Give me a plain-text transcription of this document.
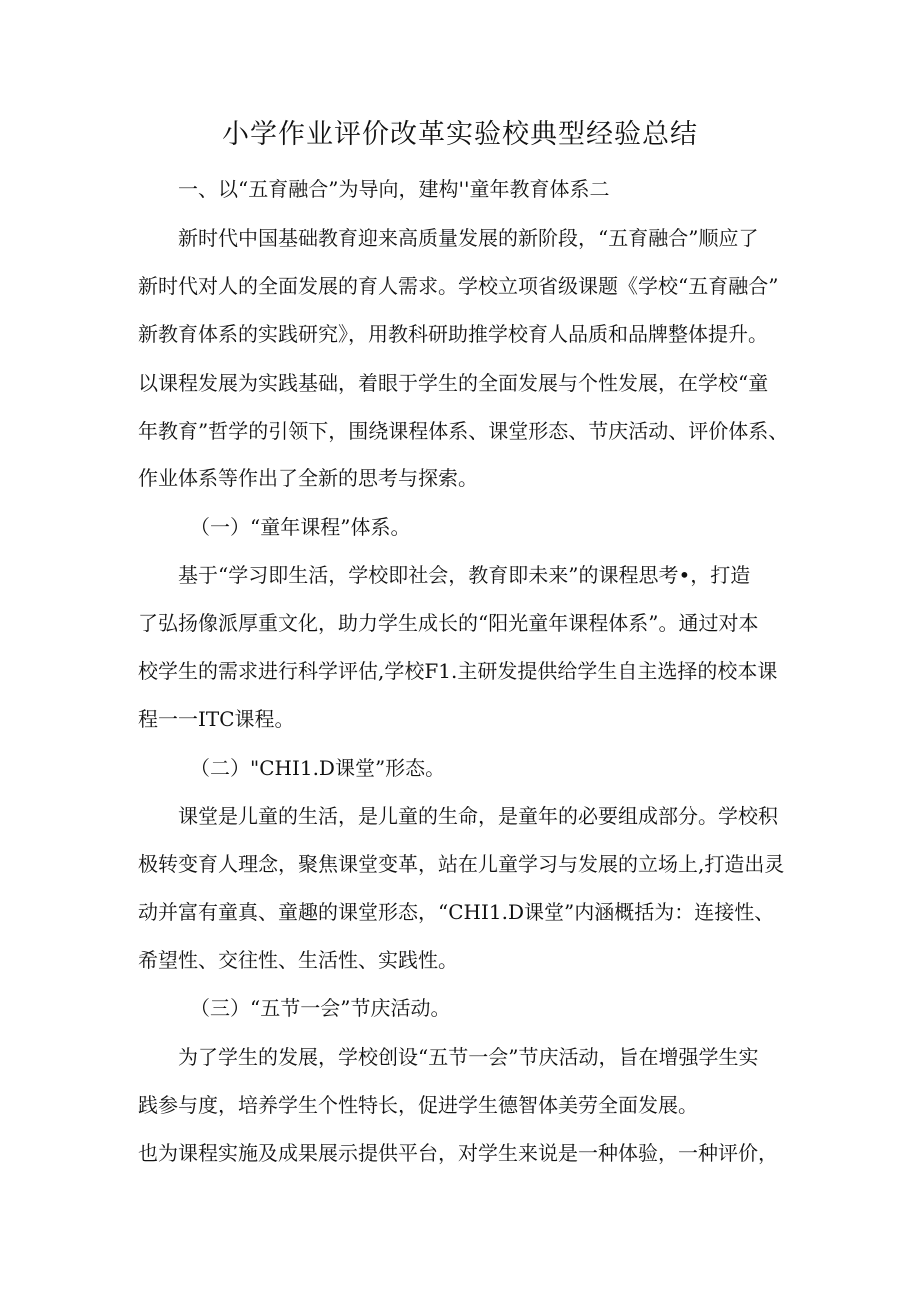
小学作业评价改革实验校典型经验总结
一、以“五育融合”为导向，建构''童年教育体系二
新时代中国基础教育迎来高质量发展的新阶段，“五育融合”顺应了
新时代对人的全面发展的育人需求。学校立项省级课题《学校“五育融合”
新教育体系的实践研究》，用教科研助推学校育人品质和品牌整体提升。
以课程发展为实践基础，着眼于学生的全面发展与个性发展，在学校“童
年教育”哲学的引领下，围绕课程体系、课堂形态、节庆活动、评价体系、
作业体系等作出了全新的思考与探索。
（一）“童年课程”体系。
基于“学习即生活，学校即社会，教育即未来”的课程思考•，打造
了弘扬像派厚重文化，助力学生成长的“阳光童年课程体系”。通过对本
校学生的需求进行科学评估,学校F1.主研发提供给学生自主选择的校本课
程一一ITC课程。
（二）"CHI1.D课堂”形态。
课堂是儿童的生活，是儿童的生命，是童年的必要组成部分。学校积
极转变育人理念，聚焦课堂变革，站在儿童学习与发展的立场上,打造出灵
动并富有童真、童趣的课堂形态，“CHI1.D课堂”内涵概括为：连接性、
希望性、交往性、生活性、实践性。
（三）“五节一会”节庆活动。
为了学生的发展，学校创设“五节一会”节庆活动，旨在增强学生实
践参与度，培养学生个性特长，促进学生德智体美劳全面发展。
也为课程实施及成果展示提供平台，对学生来说是一种体验，一种评价，
